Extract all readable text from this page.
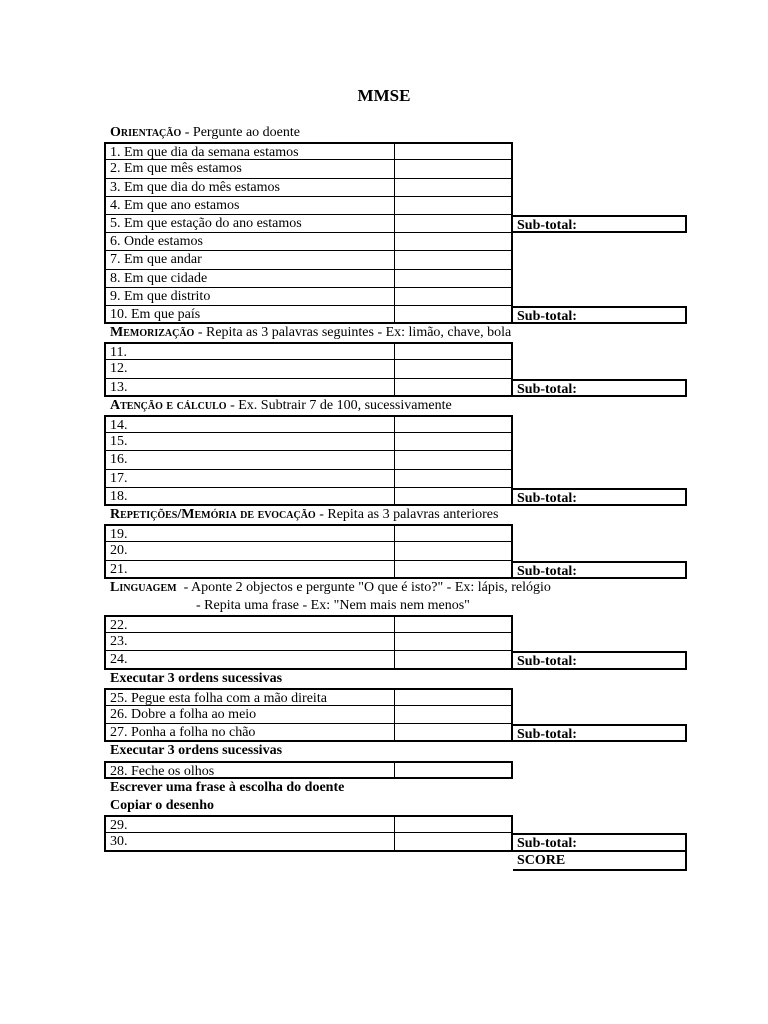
MMSE
Orientação - Pergunte ao doente
1. Em que dia da semana estamos
2. Em que mês estamos
3. Em que dia do mês estamos
4. Em que ano estamos
5. Em que estação do ano estamos	Sub-total:
6. Onde estamos
7. Em que andar
8. Em que cidade
9. Em que distrito
10. Em que país	Sub-total:
Memorização - Repita as 3 palavras seguintes - Ex: limão, chave, bola
11.
12.
13.	Sub-total:
Atenção e cálculo - Ex. Subtrair 7 de 100, sucessivamente
14.
15.
16.
17.
18.	Sub-total:
Repetições/Memória de evocação - Repita as 3 palavras anteriores
19.
20.
21.	Sub-total:
Linguagem  - Aponte 2 objectos e pergunte "O que é isto?" - Ex: lápis, relógio
- Repita uma frase - Ex: "Nem mais nem menos"
22.
23.
24.	Sub-total:
Executar 3 ordens sucessivas
25. Pegue esta folha com a mão direita
26. Dobre a folha ao meio
27. Ponha a folha no chão	Sub-total:
Executar 3 ordens sucessivas
28. Feche os olhos
Escrever uma frase à escolha do doente
Copiar o desenho
29.
30.	Sub-total:
SCORE
